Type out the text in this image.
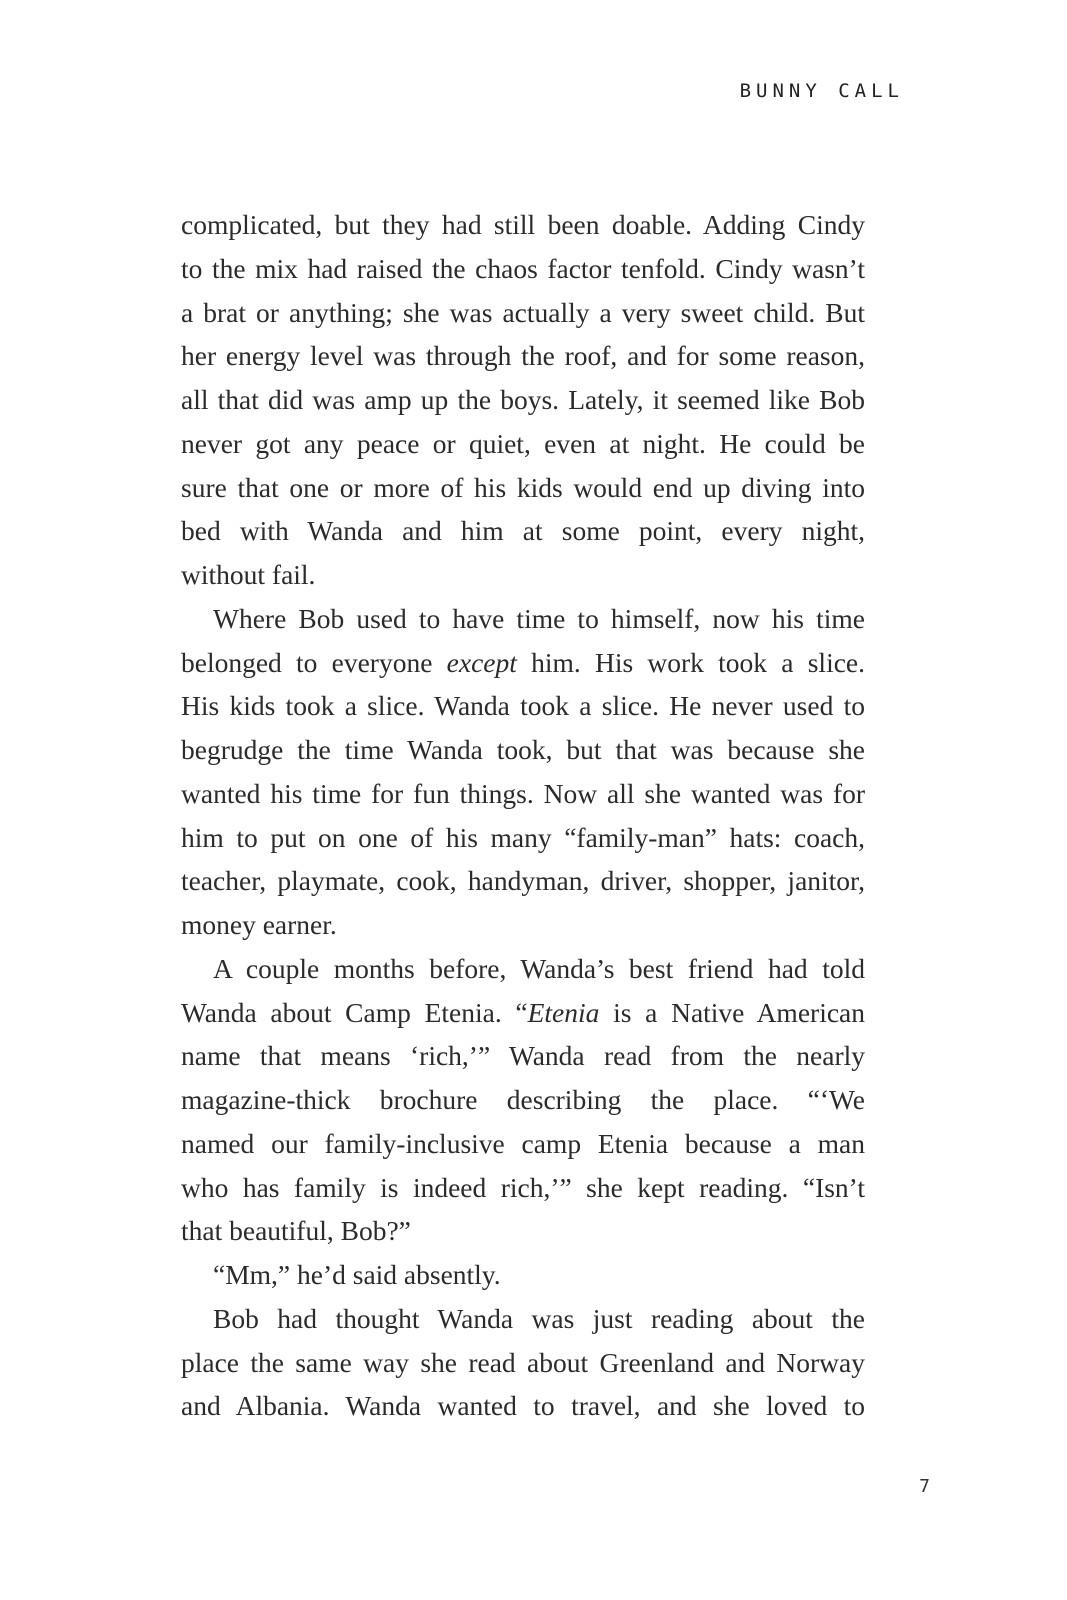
BUNNY CALL
complicated, but they had still been doable. Adding Cindy
to the mix had raised the chaos factor tenfold. Cindy wasn’t
a brat or anything; she was actually a very sweet child. But
her energy level was through the roof, and for some reason,
all that did was amp up the boys. Lately, it seemed like Bob
never got any peace or quiet, even at night. He could be
sure that one or more of his kids would end up diving into
bed with Wanda and him at some point, every night,
without fail.
Where Bob used to have time to himself, now his time
belonged to everyone except him. His work took a slice.
His kids took a slice. Wanda took a slice. He never used to
begrudge the time Wanda took, but that was because she
wanted his time for fun things. Now all she wanted was for
him to put on one of his many “family-man” hats: coach,
teacher, playmate, cook, handyman, driver, shopper, janitor,
money earner.
A couple months before, Wanda’s best friend had told
Wanda about Camp Etenia. “Etenia is a Native American
name that means ‘rich,’” Wanda read from the nearly
magazine-thick brochure describing the place. “‘We
named our family-inclusive camp Etenia because a man
who has family is indeed rich,’” she kept reading. “Isn’t
that beautiful, Bob?”
“Mm,” he’d said absently.
Bob had thought Wanda was just reading about the
place the same way she read about Greenland and Norway
and Albania. Wanda wanted to travel, and she loved to
7
